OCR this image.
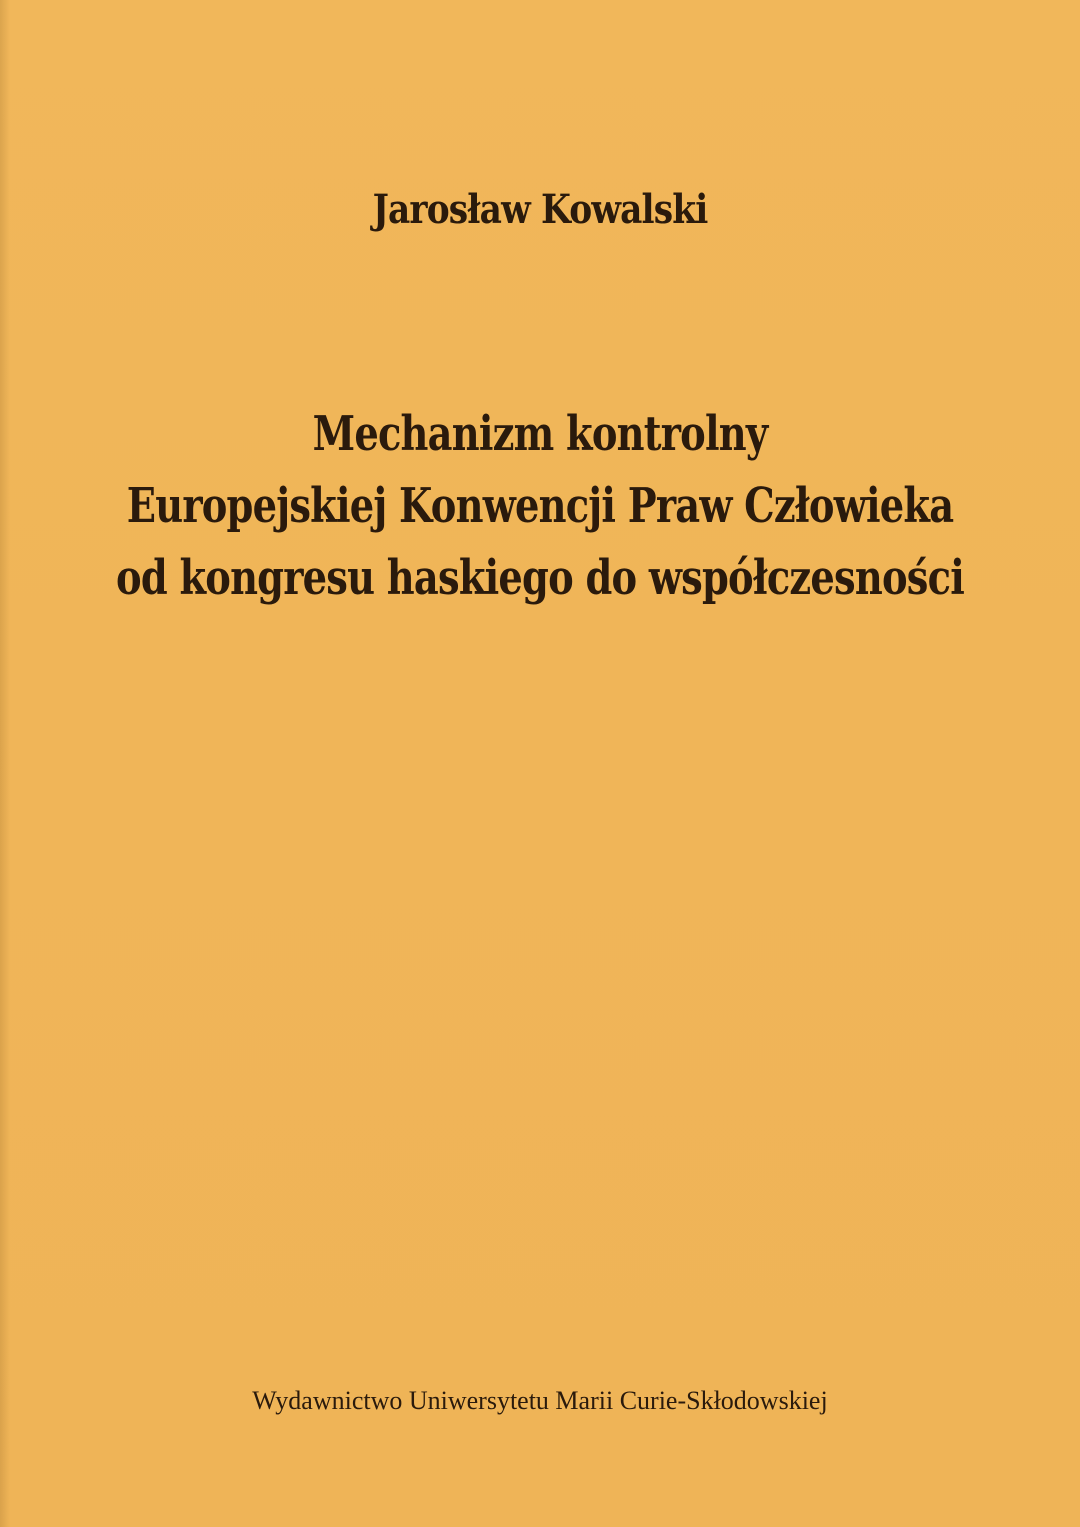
Jarosław Kowalski
Mechanizm kontrolny
Europejskiej Konwencji Praw Człowieka
od kongresu haskiego do współczesności
Wydawnictwo Uniwersytetu Marii Curie-Skłodowskiej
